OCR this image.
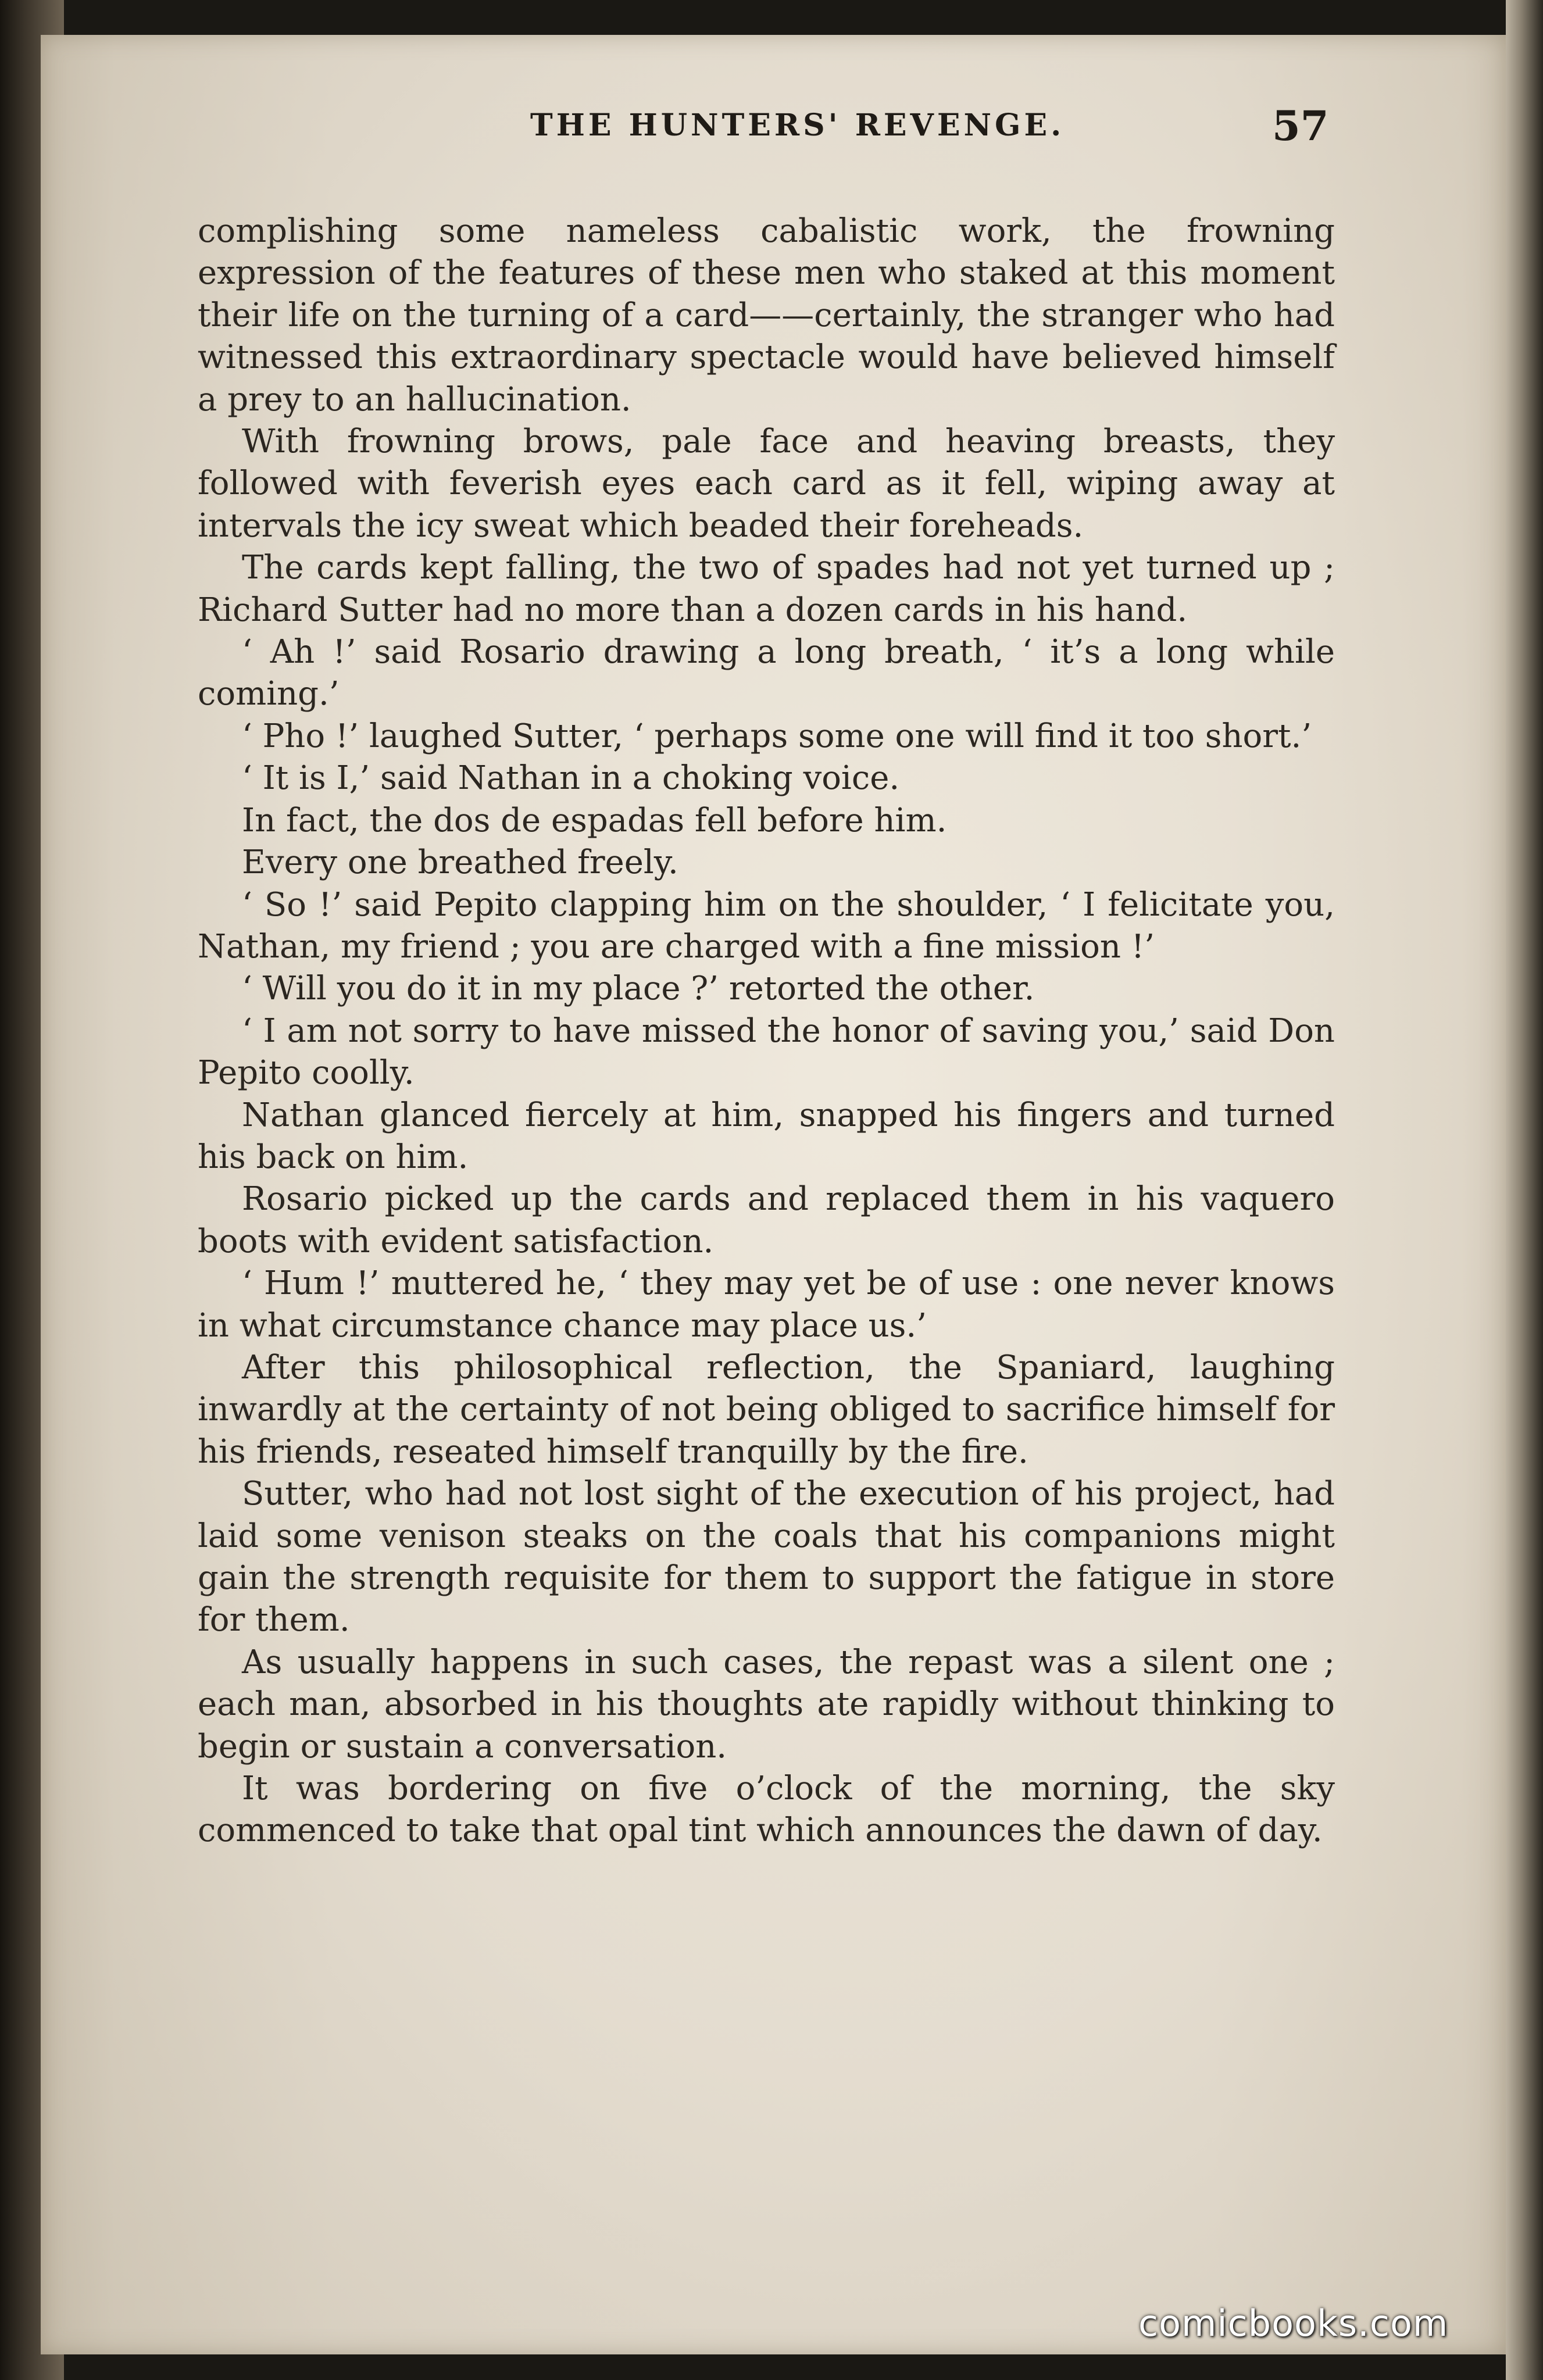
THE HUNTERS' REVENGE.	57

complishing some nameless cabalistic work, the frowning expression of the features of these men who staked at this moment their life on the turning of a card——certainly, the stranger who had witnessed this extraordinary spectacle would have believed himself a prey to an hallucination.

With frowning brows, pale face and heaving breasts, they followed with feverish eyes each card as it fell, wiping away at intervals the icy sweat which beaded their foreheads.

The cards kept falling, the two of spades had not yet turned up ; Richard Sutter had no more than a dozen cards in his hand.

‘ Ah !’ said Rosario drawing a long breath, ‘ it’s a long while coming.’

‘ Pho !’ laughed Sutter, ‘ perhaps some one will find it too short.’

‘ It is I,’ said Nathan in a choking voice.

In fact, the dos de espadas fell before him.

Every one breathed freely.

‘ So !’ said Pepito clapping him on the shoulder, ‘ I felicitate you, Nathan, my friend ; you are charged with a fine mission !’

‘ Will you do it in my place ?’ retorted the other.

‘ I am not sorry to have missed the honor of saving you,’ said Don Pepito coolly.

Nathan glanced fiercely at him, snapped his fingers and turned his back on him.

Rosario picked up the cards and replaced them in his vaquero boots with evident satisfaction.

‘ Hum !’ muttered he, ‘ they may yet be of use : one never knows in what circumstance chance may place us.’

After this philosophical reflection, the Spaniard, laughing inwardly at the certainty of not being obliged to sacrifice himself for his friends, reseated himself tranquilly by the fire.

Sutter, who had not lost sight of the execution of his project, had laid some venison steaks on the coals that his companions might gain the strength requisite for them to support the fatigue in store for them.

As usually happens in such cases, the repast was a silent one ; each man, absorbed in his thoughts ate rapidly without thinking to begin or sustain a conversation.

It was bordering on five o’clock of the morning, the sky commenced to take that opal tint which announces the dawn of day.

comicbooks.com
